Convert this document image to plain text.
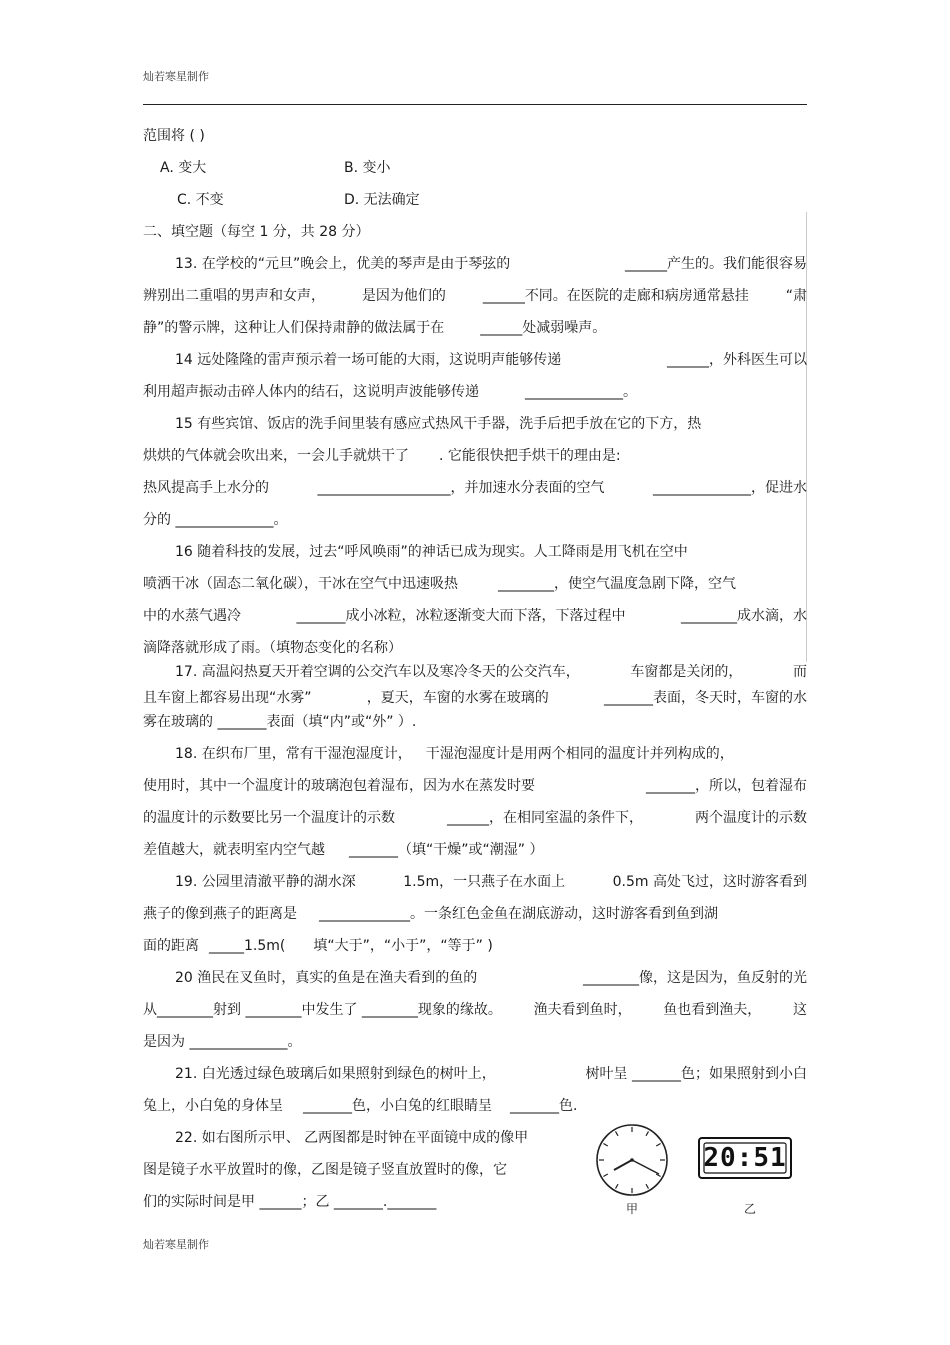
灿若寒星制作
范围将 ( )
A. 变大	B. 变小
C. 不变	D. 无法确定
二、填空题（每空 1 分，共 28 分）
13. 在学校的“元旦”晚会上，优美的琴声是由于琴弦的	______产生的。我们能很容易
辨别出二重唱的男声和女声，	是因为他们的	______不同。在医院的走廊和病房通常悬挂	“肃
静”的警示牌，这种让人们保持肃静的做法属于在	______处减弱噪声。
14 远处隆隆的雷声预示着一场可能的大雨，这说明声能够传递	______，外科医生可以
利用超声振动击碎人体内的结石，这说明声波能够传递	______________。
15 有些宾馆、饭店的洗手间里装有感应式热风干手器，洗手后把手放在它的下方，热
烘烘的气体就会吹出来，一会儿手就烘干了 . 它能很快把手烘干的理由是:
热风提高手上水分的	___________________，并加速水分表面的空气	______________，促进水
分的 ______________。
16 随着科技的发展，过去“呼风唤雨”的神话已成为现实。人工降雨是用飞机在空中
喷洒干冰（固态二氧化碳），干冰在空气中迅速吸热	________，使空气温度急剧下降，空气
中的水蒸气遇冷	_______成小冰粒，冰粒逐渐变大而下落，下落过程中	________成水滴，水
滴降落就形成了雨。（填物态变化的名称）
17. 高温闷热夏天开着空调的公交汽车以及寒冷冬天的公交汽车，	车窗都是关闭的，	而
且车窗上都容易出现“水雾”	，夏天，车窗的水雾在玻璃的	_______表面，冬天时，车窗的水
雾在玻璃的 _______表面（填“内”或“外” ）.
18. 在织布厂里，常有干湿泡湿度计， 干湿泡湿度计是用两个相同的温度计并列构成的，
使用时，其中一个温度计的玻璃泡包着湿布，因为水在蒸发时要	_______，所以，包着湿布
的温度计的示数要比另一个温度计的示数	______，在相同室温的条件下，	两个温度计的示数
差值越大，就表明室内空气越 _______（填“干燥”或“潮湿” ）
19. 公园里清澈平静的湖水深	1.5m，一只燕子在水面上	0.5m 高处飞过，这时游客看到
燕子的像到燕子的距离是 _____________。一条红色金鱼在湖底游动，这时游客看到鱼到湖
面的距离 _____1.5m( 填“大于”，“小于”，“等于” )
20 渔民在叉鱼时，真实的鱼是在渔夫看到的鱼的	________像，这是因为，鱼反射的光
从________射到 ________中发生了 ________现象的缘故。 渔夫看到鱼时， 鱼也看到渔夫， 这
是因为 ______________。
21. 白光透过绿色玻璃后如果照射到绿色的树叶上，	树叶呈 _______色；如果照射到小白
兔上，小白兔的身体呈 _______色，小白兔的红眼睛呈 _______色.
22. 如右图所示甲、 乙两图都是时钟在平面镜中成的像甲
图是镜子水平放置时的像，乙图是镜子竖直放置时的像，它
们的实际时间是甲 ______；乙 _______._______	甲
20:51
乙
灿若寒星制作
